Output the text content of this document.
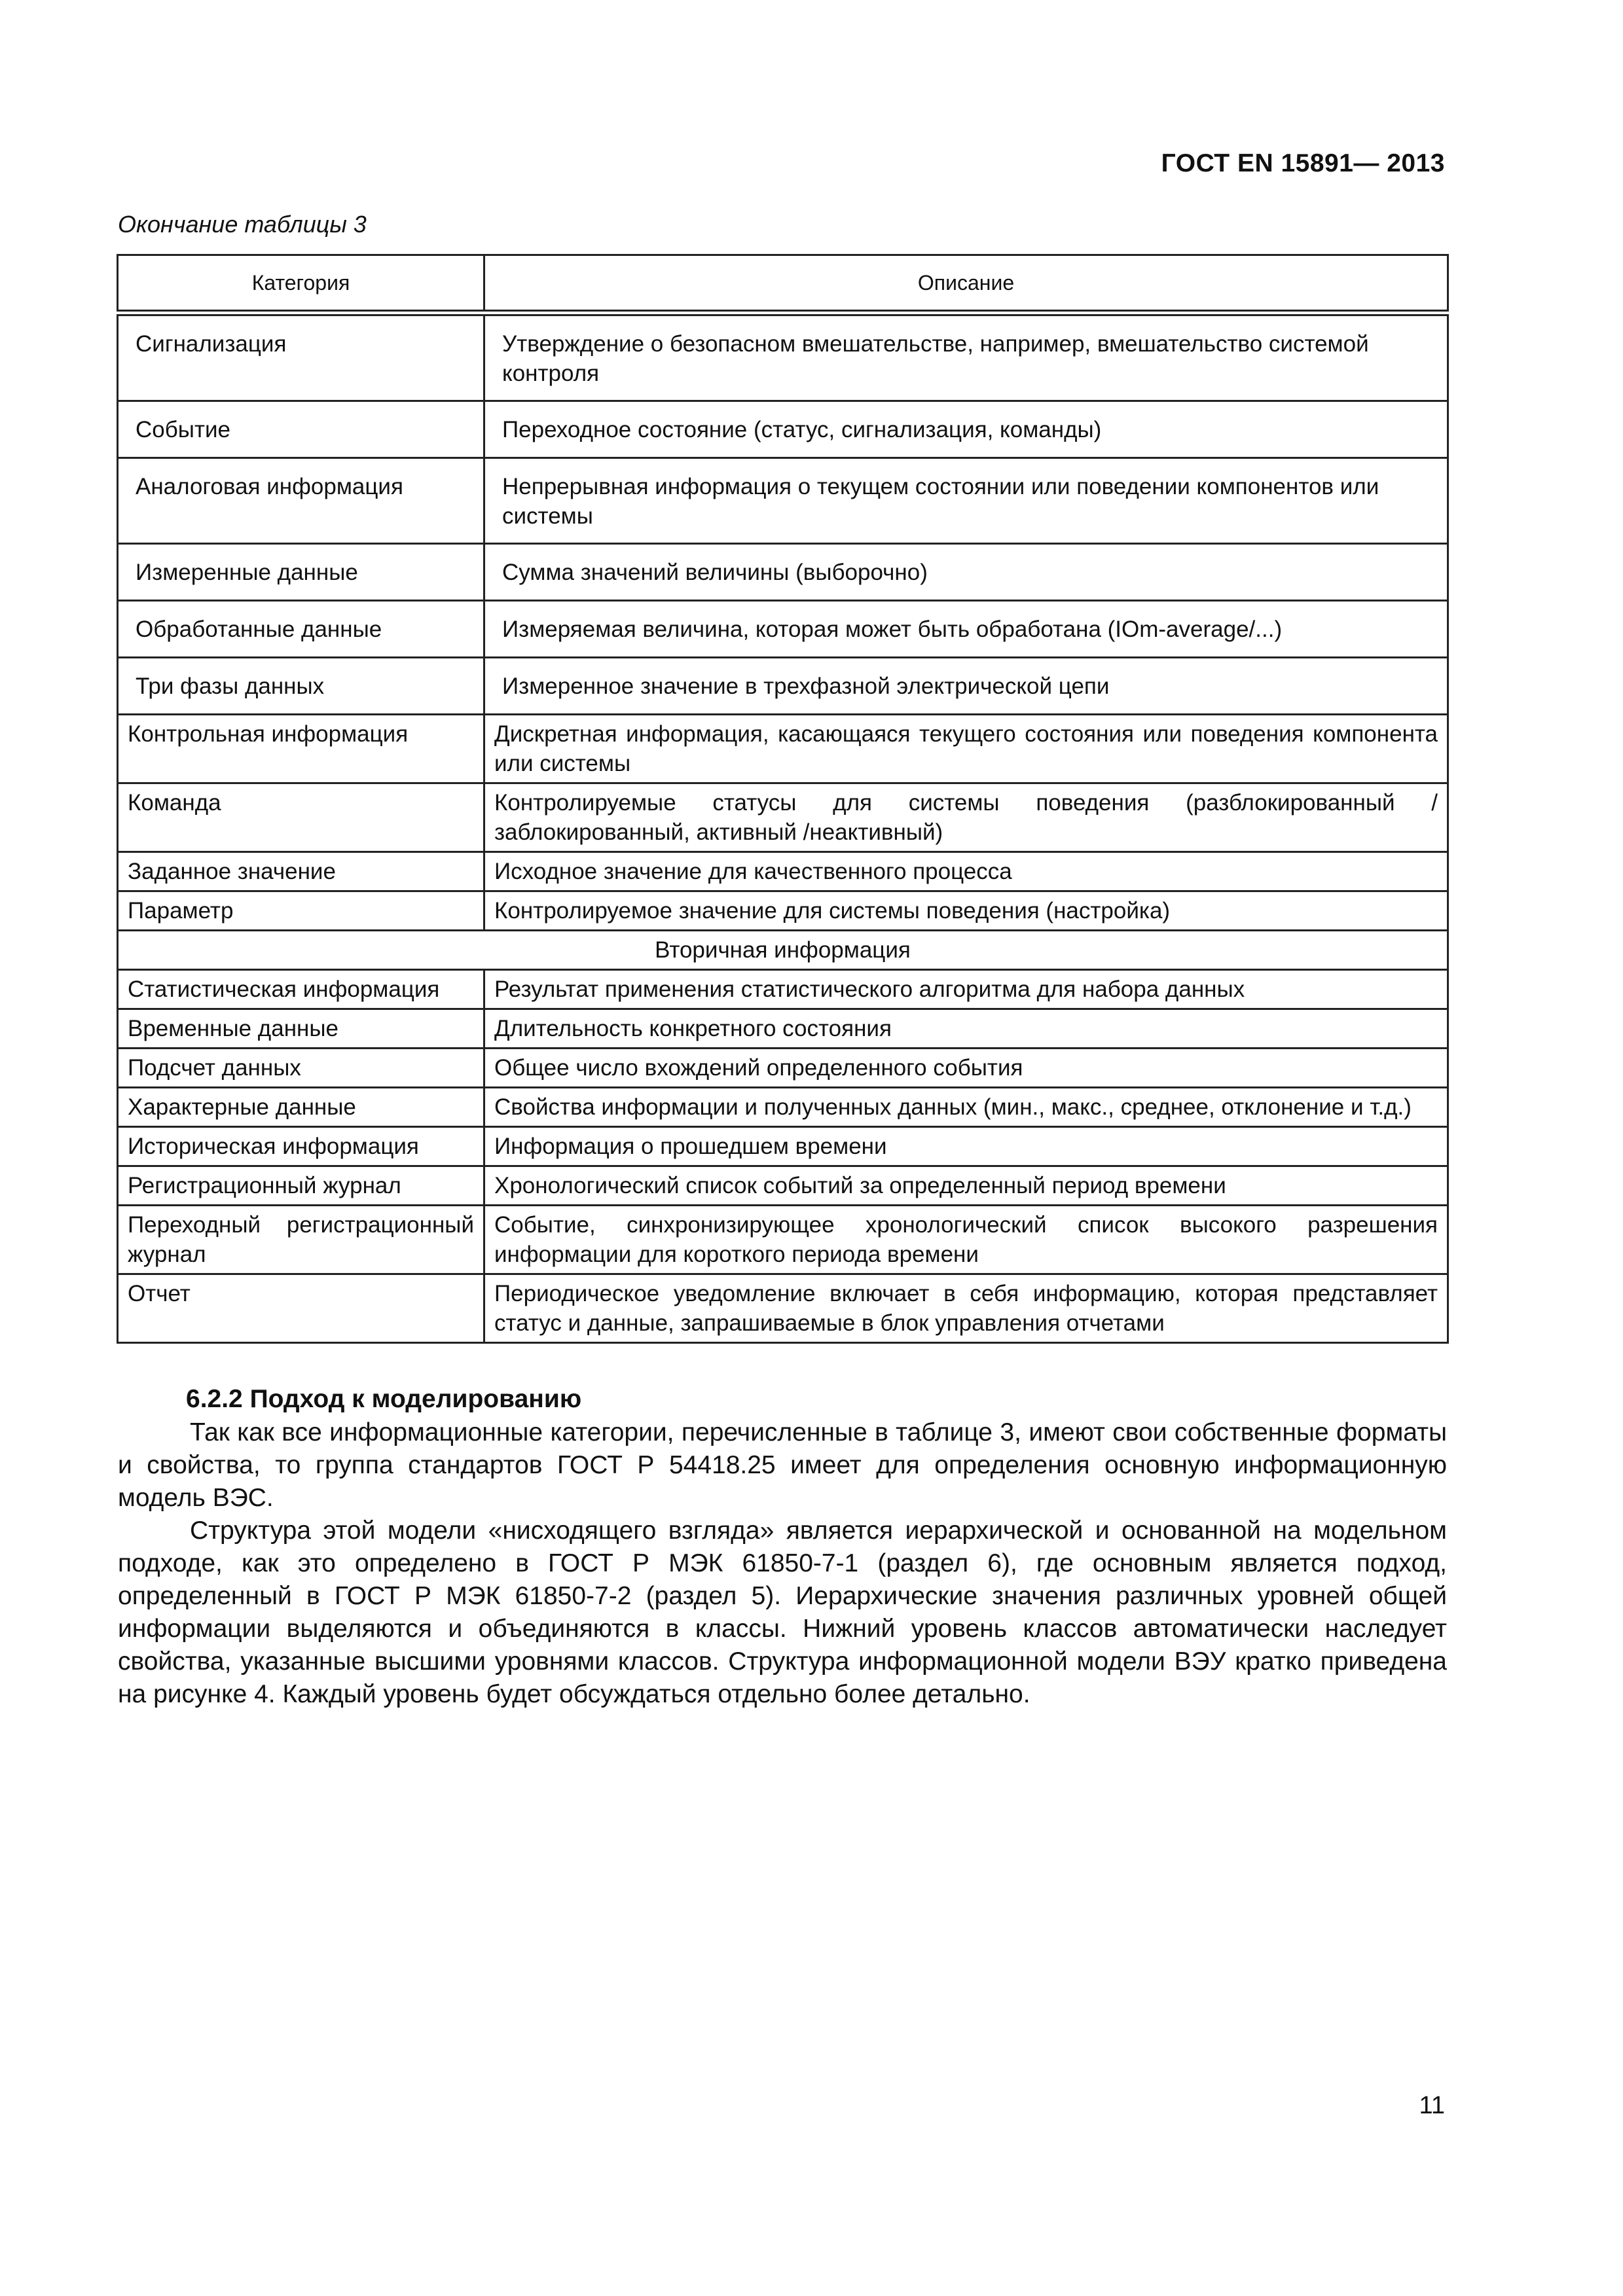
ГОСТ EN 15891— 2013
Окончание таблицы 3
Категория	Описание
Сигнализация	Утверждение о безопасном вмешательстве, например, вмешательство системой контроля
Событие	Переходное состояние (статус, сигнализация, команды)
Аналоговая информация	Непрерывная информация о текущем состоянии или поведении компонентов или системы
Измеренные данные	Сумма значений величины (выборочно)
Обработанные данные	Измеряемая величина, которая может быть обработана (IOm-average/...)
Три фазы данных	Измеренное значение в трехфазной электрической цепи
Контрольная информация	Дискретная информация, касающаяся текущего состояния или поведения компонента или системы
Команда	Контролируемые статусы для системы поведения (разблокированный /заблокированный, активный /неактивный)
Заданное значение	Исходное значение для качественного процесса
Параметр	Контролируемое значение для системы поведения (настройка)
Вторичная информация	
Статистическая информация	Результат применения статистического алгоритма для набора данных
Временные данные	Длительность конкретного состояния
Подсчет данных	Общее число вхождений определенного события
Характерные данные	Свойства информации и полученных данных (мин., макс., среднее, отклонение и т.д.)
Историческая информация	Информация о прошедшем времени
Регистрационный журнал	Хронологический список событий за определенный период времени
Переходный регистрационный журнал	Событие, синхронизирующее хронологический список высокого разрешения информации для короткого периода времени
Отчет	Периодическое уведомление включает в себя информацию, которая представляет статус и данные, запрашиваемые в блок управления отчетами
6.2.2 Подход к моделированию

Так как все информационные категории, перечисленные в таблице 3, имеют свои собственные форматы и свойства, то группа стандартов ГОСТ Р 54418.25 имеет для определения основную информационную модель ВЭС.

Структура этой модели «нисходящего взгляда» является иерархической и основанной на модельном подходе, как это определено в ГОСТ Р МЭК 61850-7-1 (раздел 6), где основным является подход, определенный в ГОСТ Р МЭК 61850-7-2 (раздел 5). Иерархические значения различных уровней общей информации выделяются и объединяются в классы. Нижний уровень классов автоматически наследует свойства, указанные высшими уровнями классов. Структура информационной модели ВЭУ кратко приведена на рисунке 4. Каждый уровень будет обсуждаться отдельно более детально.

11
